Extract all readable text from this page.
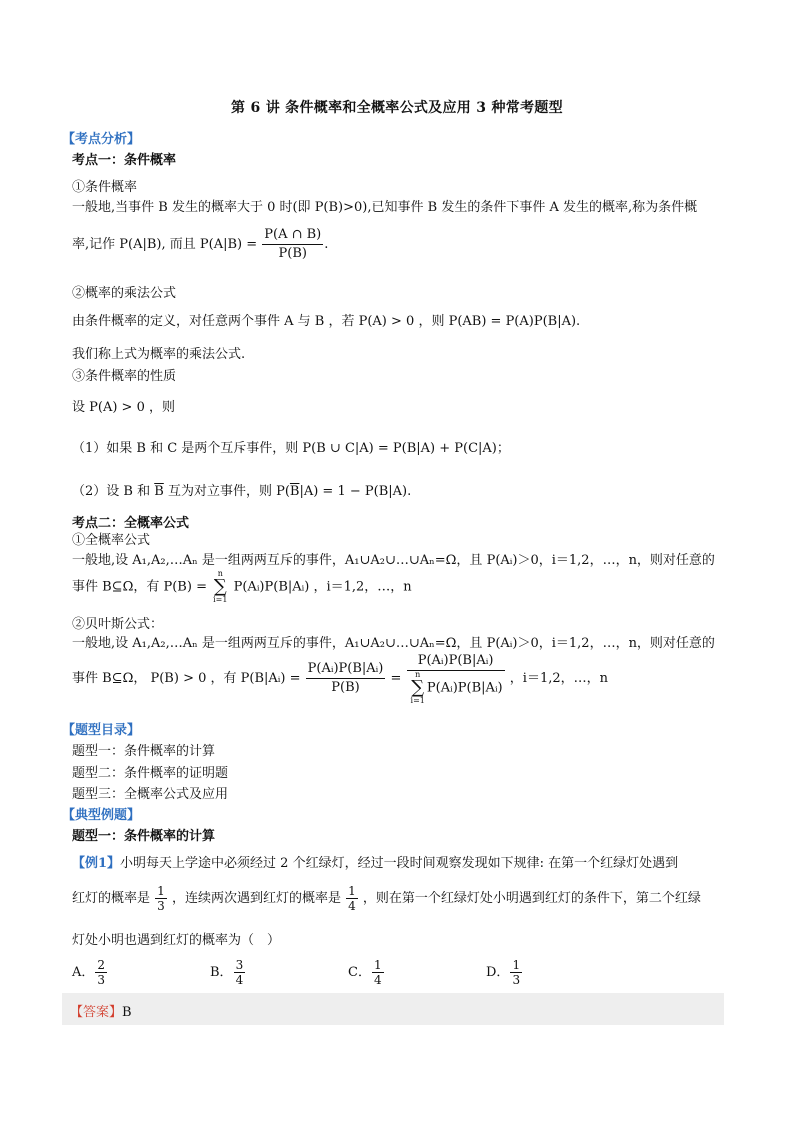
第 6 讲 条件概率和全概率公式及应用 3 种常考题型
【考点分析】
考点一：条件概率
①条件概率
一般地,当事件 B 发生的概率大于 0 时(即 P(B)>0),已知事件 B 发生的条件下事件 A 发生的概率,称为条件概
率,记作 P(A|B), 而且 $P(A|B) = \frac{P(A \cap B)}{P(B)}$ .
②概率的乘法公式
由条件概率的定义，对任意两个事件 A 与 B ，若 P(A) > 0 ，则 P(AB) = P(A)P(B|A).
我们称上式为概率的乘法公式.
③条件概率的性质
设 P(A) > 0 ，则
（1）如果 B 和 C 是两个互斥事件，则 P(B ∪ C|A) = P(B|A) + P(C|A)；
（2）设 B 和 $\overline{B}$ 互为对立事件，则 $P(\overline{B}|A) = 1 - P(B|A)$.
考点二：全概率公式
①全概率公式
一般地,设 A₁,A₂,…Aₙ 是一组两两互斥的事件，A₁∪A₂∪…∪Aₙ=Ω，且 P(Aᵢ)＞0，i＝1,2，…，n，则对任意的
事件 B⊆Ω，有 P(B) =
n
∑
i=1
P(Aᵢ)P(B|Aᵢ) ，i＝1,2，…，n
②贝叶斯公式：
一般地,设 A₁,A₂,…Aₙ 是一组两两互斥的事件，A₁∪A₂∪…∪Aₙ=Ω，且 P(Aᵢ)＞0，i＝1,2，…，n，则对任意的
事件 B⊆Ω， P(B) > 0 ，有 P(B|Aᵢ) = $\frac{\text{P(Aᵢ)P(B|Aᵢ)}}{P(B)}$ = P(Aᵢ)P(B|Aᵢ)
n
∑
i=1
P(Aᵢ)P(B|Aᵢ) ，i＝1,2，…，n
【题型目录】
题型一：条件概率的计算
题型二：条件概率的证明题
题型三：全概率公式及应用
【典型例题】
题型一：条件概率的计算
【例1】小明每天上学途中必须经过 2 个红绿灯，经过一段时间观察发现如下规律: 在第一个红绿灯处遇到
红灯的概率是 $\frac{1}{3}$ ，连续两次遇到红灯的概率是 $\frac{1}{4}$ ，则在第一个红绿灯处小明遇到红灯的条件下，第二个红绿
灯处小明也遇到红灯的概率为（　）
A． $\frac{2}{3}$	B． $\frac{3}{4}$	C． $\frac{1}{4}$	D． $\frac{1}{3}$
【答案】B
